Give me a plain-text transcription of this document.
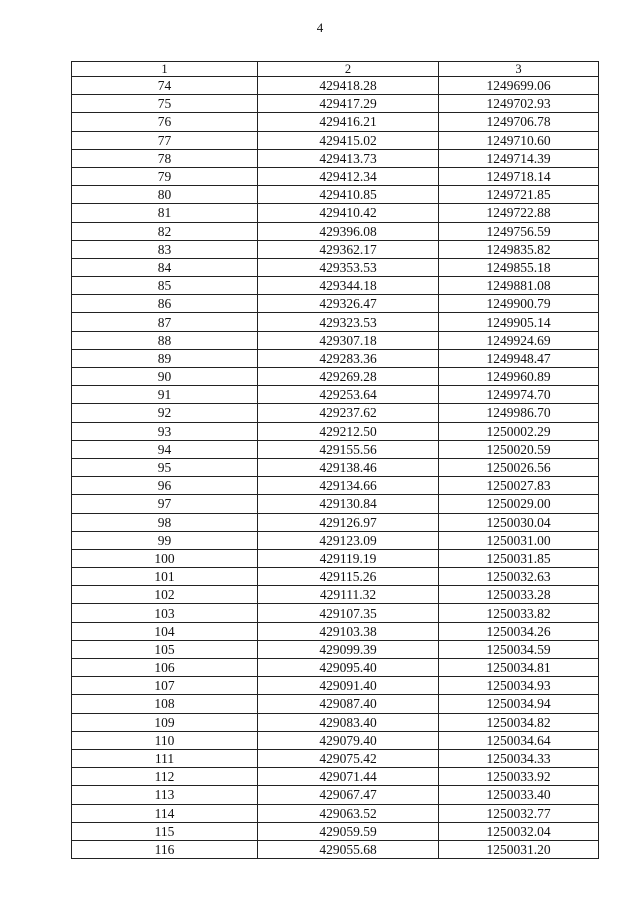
4
1	2	3
74	429418.28	1249699.06
75	429417.29	1249702.93
76	429416.21	1249706.78
77	429415.02	1249710.60
78	429413.73	1249714.39
79	429412.34	1249718.14
80	429410.85	1249721.85
81	429410.42	1249722.88
82	429396.08	1249756.59
83	429362.17	1249835.82
84	429353.53	1249855.18
85	429344.18	1249881.08
86	429326.47	1249900.79
87	429323.53	1249905.14
88	429307.18	1249924.69
89	429283.36	1249948.47
90	429269.28	1249960.89
91	429253.64	1249974.70
92	429237.62	1249986.70
93	429212.50	1250002.29
94	429155.56	1250020.59
95	429138.46	1250026.56
96	429134.66	1250027.83
97	429130.84	1250029.00
98	429126.97	1250030.04
99	429123.09	1250031.00
100	429119.19	1250031.85
101	429115.26	1250032.63
102	429111.32	1250033.28
103	429107.35	1250033.82
104	429103.38	1250034.26
105	429099.39	1250034.59
106	429095.40	1250034.81
107	429091.40	1250034.93
108	429087.40	1250034.94
109	429083.40	1250034.82
110	429079.40	1250034.64
111	429075.42	1250034.33
112	429071.44	1250033.92
113	429067.47	1250033.40
114	429063.52	1250032.77
115	429059.59	1250032.04
116	429055.68	1250031.20
